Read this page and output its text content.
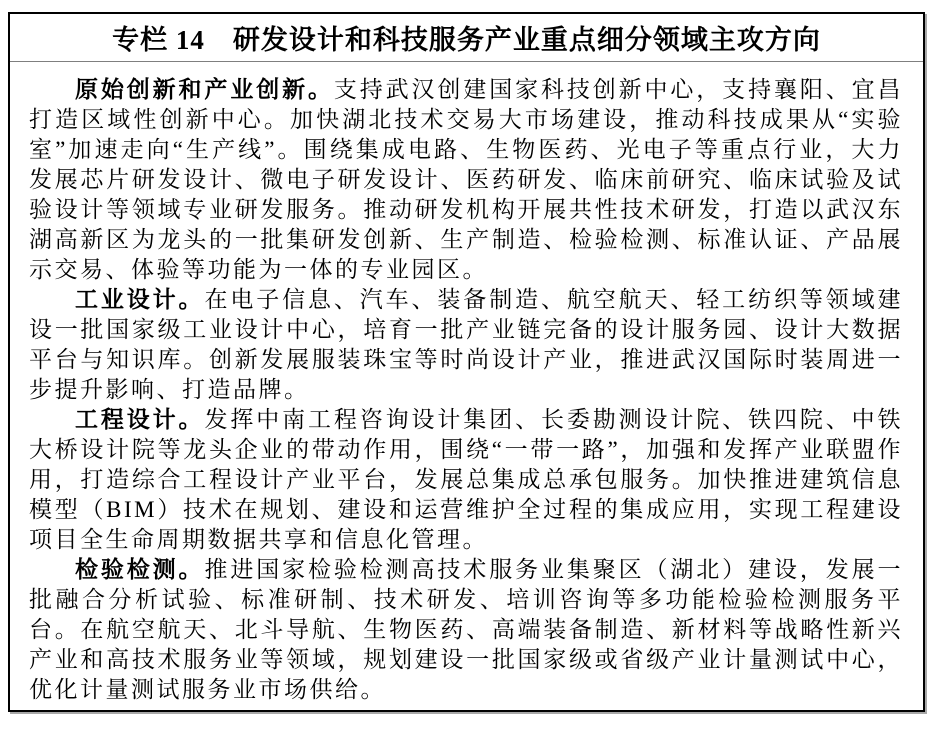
专栏 14　研发设计和科技服务产业重点细分领域主攻方向

原始创新和产业创新。支持武汉创建国家科技创新中心，支持襄阳、宜昌打造区域性创新中心。加快湖北技术交易大市场建设，推动科技成果从“实验室”加速走向“生产线”。围绕集成电路、生物医药、光电子等重点行业，大力发展芯片研发设计、微电子研发设计、医药研发、临床前研究、临床试验及试验设计等领域专业研发服务。推动研发机构开展共性技术研发，打造以武汉东湖高新区为龙头的一批集研发创新、生产制造、检验检测、标准认证、产品展示交易、体验等功能为一体的专业园区。

工业设计。在电子信息、汽车、装备制造、航空航天、轻工纺织等领域建设一批国家级工业设计中心，培育一批产业链完备的设计服务园、设计大数据平台与知识库。创新发展服装珠宝等时尚设计产业，推进武汉国际时装周进一步提升影响、打造品牌。

工程设计。发挥中南工程咨询设计集团、长委勘测设计院、铁四院、中铁大桥设计院等龙头企业的带动作用，围绕“一带一路”，加强和发挥产业联盟作用，打造综合工程设计产业平台，发展总集成总承包服务。加快推进建筑信息模型（BIM）技术在规划、建设和运营维护全过程的集成应用，实现工程建设项目全生命周期数据共享和信息化管理。

检验检测。推进国家检验检测高技术服务业集聚区（湖北）建设，发展一批融合分析试验、标准研制、技术研发、培训咨询等多功能检验检测服务平台。在航空航天、北斗导航、生物医药、高端装备制造、新材料等战略性新兴产业和高技术服务业等领域，规划建设一批国家级或省级产业计量测试中心，优化计量测试服务业市场供给。
